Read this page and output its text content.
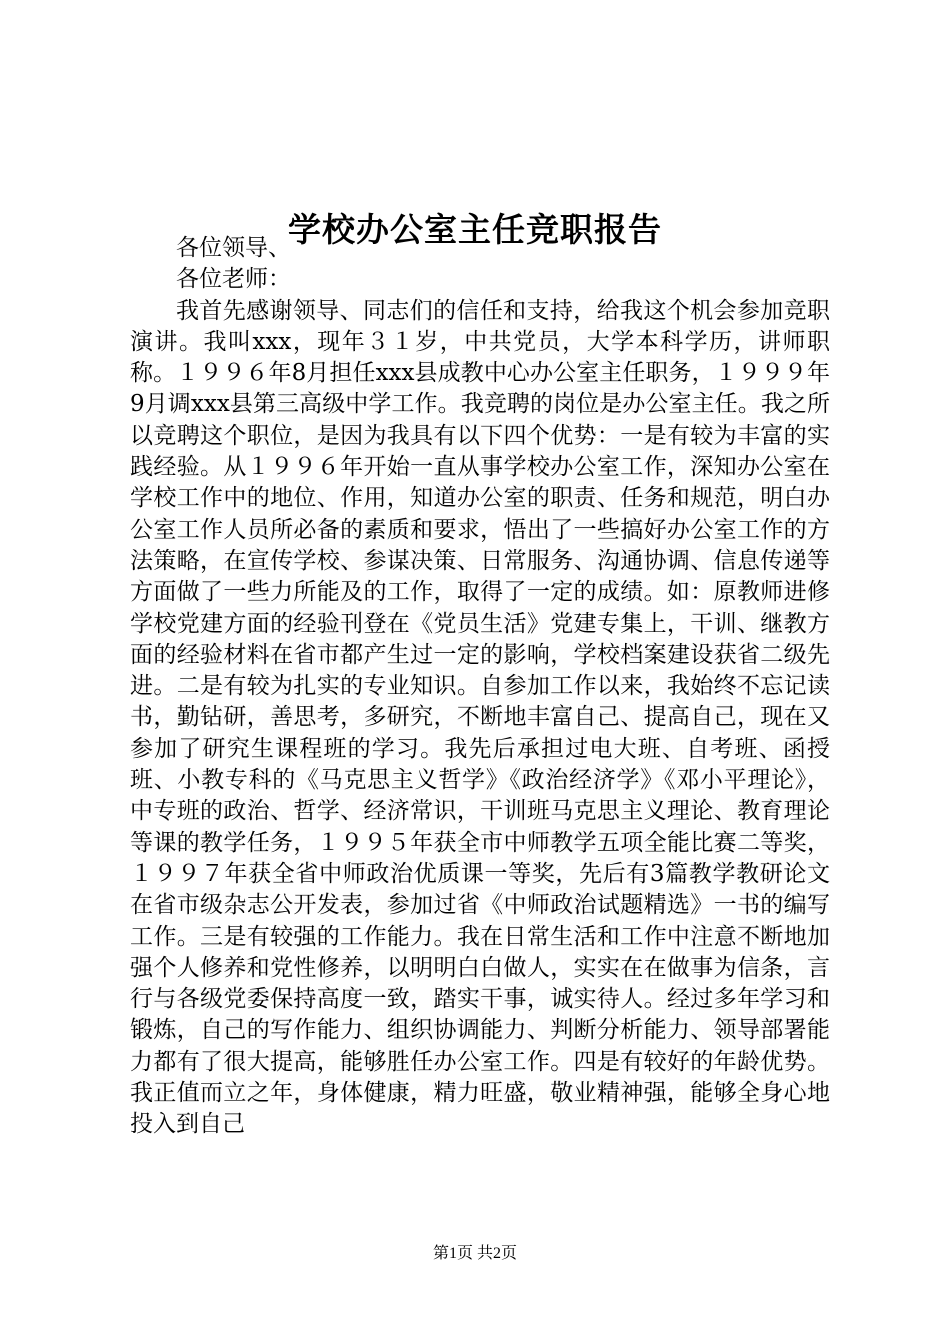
学校办公室主任竞职报告

各位领导、

各位老师：

我首先感谢领导、同志们的信任和支持，给我这个机会参加竞职演讲。我叫xxx，现年３１岁，中共党员，大学本科学历，讲师职称。１９９６年8月担任xxx县成教中心办公室主任职务，１９９９年9月调xxx县第三高级中学工作。我竞聘的岗位是办公室主任。我之所以竞聘这个职位，是因为我具有以下四个优势：一是有较为丰富的实践经验。从１９９６年开始一直从事学校办公室工作，深知办公室在学校工作中的地位、作用，知道办公室的职责、任务和规范，明白办公室工作人员所必备的素质和要求，悟出了一些搞好办公室工作的方法策略，在宣传学校、参谋决策、日常服务、沟通协调、信息传递等方面做了一些力所能及的工作，取得了一定的成绩。如：原教师进修学校党建方面的经验刊登在《党员生活》党建专集上，干训、继教方面的经验材料在省市都产生过一定的影响，学校档案建设获省二级先进。二是有较为扎实的专业知识。自参加工作以来，我始终不忘记读书，勤钻研，善思考，多研究，不断地丰富自己、提高自己，现在又参加了研究生课程班的学习。我先后承担过电大班、自考班、函授班、小教专科的《马克思主义哲学》《政治经济学》《邓小平理论》，中专班的政治、哲学、经济常识，干训班马克思主义理论、教育理论等课的教学任务，１９９５年获全市中师教学五项全能比赛二等奖，１９９７年获全省中师政治优质课一等奖，先后有3篇教学教研论文在省市级杂志公开发表，参加过省《中师政治试题精选》一书的编写工作。三是有较强的工作能力。我在日常生活和工作中注意不断地加强个人修养和党性修养，以明明白白做人，实实在在做事为信条，言行与各级党委保持高度一致，踏实干事，诚实待人。经过多年学习和锻炼，自己的写作能力、组织协调能力、判断分析能力、领导部署能力都有了很大提高，能够胜任办公室工作。四是有较好的年龄优势。我正值而立之年，身体健康，精力旺盛，敬业精神强，能够全身心地投入到自己

第1页 共2页
